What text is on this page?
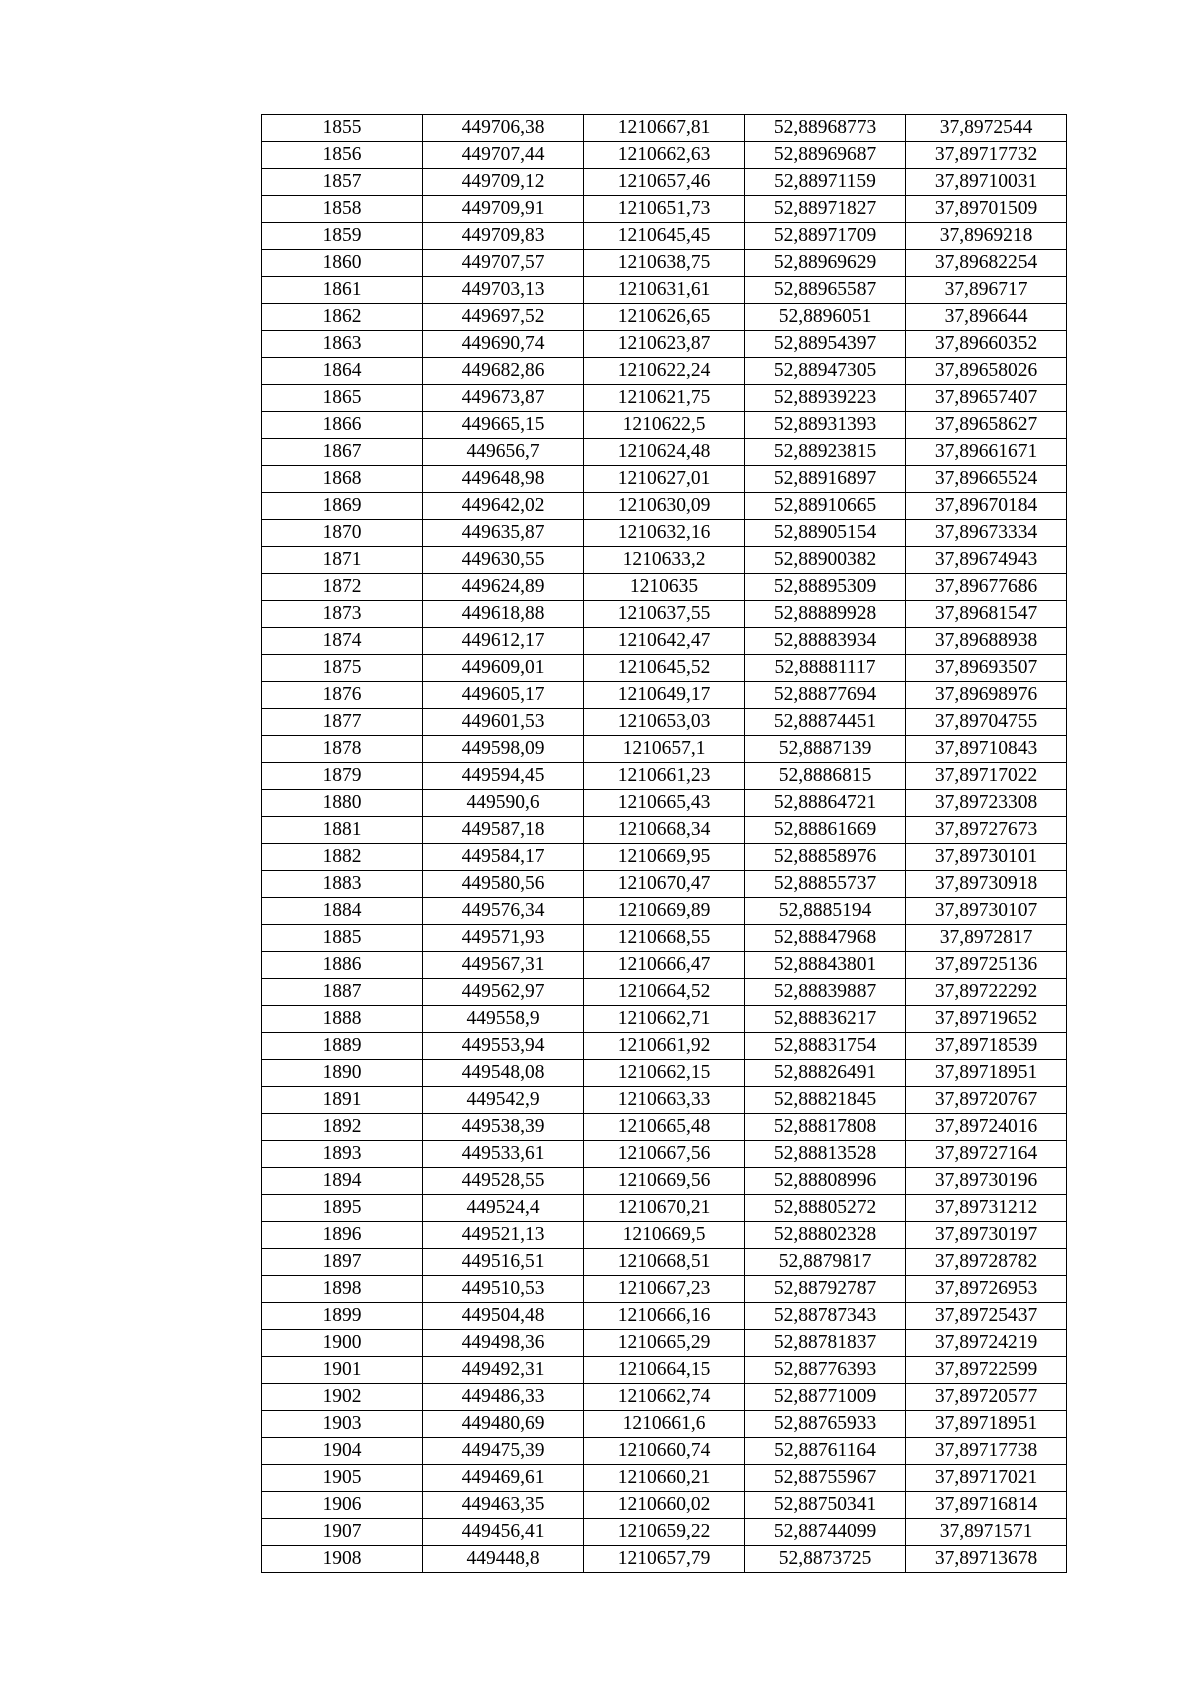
1855	449706,38	1210667,81	52,88968773	37,8972544
1856	449707,44	1210662,63	52,88969687	37,89717732
1857	449709,12	1210657,46	52,88971159	37,89710031
1858	449709,91	1210651,73	52,88971827	37,89701509
1859	449709,83	1210645,45	52,88971709	37,8969218
1860	449707,57	1210638,75	52,88969629	37,89682254
1861	449703,13	1210631,61	52,88965587	37,896717
1862	449697,52	1210626,65	52,8896051	37,896644
1863	449690,74	1210623,87	52,88954397	37,89660352
1864	449682,86	1210622,24	52,88947305	37,89658026
1865	449673,87	1210621,75	52,88939223	37,89657407
1866	449665,15	1210622,5	52,88931393	37,89658627
1867	449656,7	1210624,48	52,88923815	37,89661671
1868	449648,98	1210627,01	52,88916897	37,89665524
1869	449642,02	1210630,09	52,88910665	37,89670184
1870	449635,87	1210632,16	52,88905154	37,89673334
1871	449630,55	1210633,2	52,88900382	37,89674943
1872	449624,89	1210635	52,88895309	37,89677686
1873	449618,88	1210637,55	52,88889928	37,89681547
1874	449612,17	1210642,47	52,88883934	37,89688938
1875	449609,01	1210645,52	52,88881117	37,89693507
1876	449605,17	1210649,17	52,88877694	37,89698976
1877	449601,53	1210653,03	52,88874451	37,89704755
1878	449598,09	1210657,1	52,8887139	37,89710843
1879	449594,45	1210661,23	52,8886815	37,89717022
1880	449590,6	1210665,43	52,88864721	37,89723308
1881	449587,18	1210668,34	52,88861669	37,89727673
1882	449584,17	1210669,95	52,88858976	37,89730101
1883	449580,56	1210670,47	52,88855737	37,89730918
1884	449576,34	1210669,89	52,8885194	37,89730107
1885	449571,93	1210668,55	52,88847968	37,8972817
1886	449567,31	1210666,47	52,88843801	37,89725136
1887	449562,97	1210664,52	52,88839887	37,89722292
1888	449558,9	1210662,71	52,88836217	37,89719652
1889	449553,94	1210661,92	52,88831754	37,89718539
1890	449548,08	1210662,15	52,88826491	37,89718951
1891	449542,9	1210663,33	52,88821845	37,89720767
1892	449538,39	1210665,48	52,88817808	37,89724016
1893	449533,61	1210667,56	52,88813528	37,89727164
1894	449528,55	1210669,56	52,88808996	37,89730196
1895	449524,4	1210670,21	52,88805272	37,89731212
1896	449521,13	1210669,5	52,88802328	37,89730197
1897	449516,51	1210668,51	52,8879817	37,89728782
1898	449510,53	1210667,23	52,88792787	37,89726953
1899	449504,48	1210666,16	52,88787343	37,89725437
1900	449498,36	1210665,29	52,88781837	37,89724219
1901	449492,31	1210664,15	52,88776393	37,89722599
1902	449486,33	1210662,74	52,88771009	37,89720577
1903	449480,69	1210661,6	52,88765933	37,89718951
1904	449475,39	1210660,74	52,88761164	37,89717738
1905	449469,61	1210660,21	52,88755967	37,89717021
1906	449463,35	1210660,02	52,88750341	37,89716814
1907	449456,41	1210659,22	52,88744099	37,8971571
1908	449448,8	1210657,79	52,8873725	37,89713678
